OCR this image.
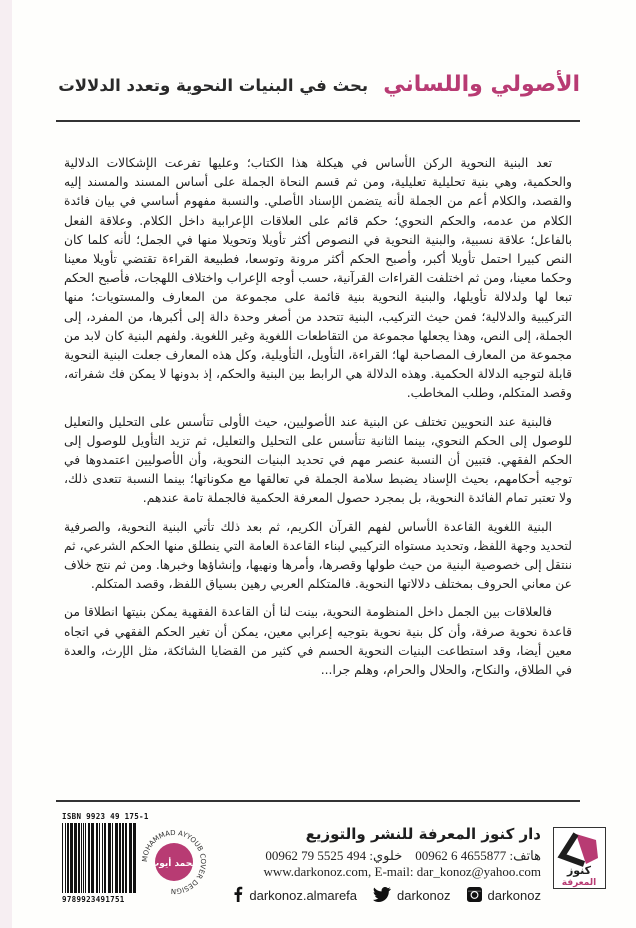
الأصولي واللساني بحث في البنيات النحوية وتعدد الدلالات

تعد البنية النحوية الركن الأساس في هيكلة هذا الكتاب؛ وعليها تفرعت الإشكالات الدلالية والحكمية، وهي بنية تحليلية تعليلية، ومن ثم قسم النحاة الجملة على أساس المسند والمسند إليه والقصد، والكلام أعم من الجملة لأنه يتضمن الإسناد الأصلي. والنسبة مفهوم أساسي في بيان فائدة الكلام من عدمه، والحكم النحوي؛ حكم قائم على العلاقات الإعرابية داخل الكلام. وعلاقة الفعل بالفاعل؛ علاقة نسبية، والبنية النحوية في النصوص أكثر تأويلا وتحويلا منها في الجمل؛ لأنه كلما كان النص كبيرا احتمل تأويلا أكبر، وأصبح الحكم أكثر مرونة وتوسعا، فطبيعة القراءة تقتضي تأويلا معينا وحكما معينا، ومن ثم اختلفت القراءات القرآنية، حسب أوجه الإعراب واختلاف اللهجات، فأصبح الحكم تبعا لها ولدلالة تأويلها، والبنية النحوية بنية قائمة على مجموعة من المعارف والمستويات؛ منها التركيبية والدلالية؛ فمن حيث التركيب، البنية تتحدد من أصغر وحدة دالة إلى أكبرها، من المفرد، إلى الجملة، إلى النص، وهذا يجعلها مجموعة من التقاطعات اللغوية وغير اللغوية. ولفهم البنية كان لابد من مجموعة من المعارف المصاحبة لها؛ القراءة، التأويل، التأويلية، وكل هذه المعارف جعلت البنية النحوية قابلة لتوجيه الدلالة الحكمية. وهذه الدلالة هي الرابط بين البنية والحكم، إذ بدونها لا يمكن فك شفراته، وقصد المتكلم، وطلب المخاطب.

فالبنية عند النحويين تختلف عن البنية عند الأصوليين، حيث الأولى تتأسس على التحليل والتعليل للوصول إلى الحكم النحوي، بينما الثانية تتأسس على التحليل والتعليل، ثم تزيد التأويل للوصول إلى الحكم الفقهي. فتبين أن النسبة عنصر مهم في تحديد البنيات النحوية، وأن الأصوليين اعتمدوها في توجيه أحكامهم، بحيث الإسناد يضبط سلامة الجملة في تعالقها مع مكوناتها؛ بينما النسبة تتعدى ذلك، ولا تعتبر تمام الفائدة النحوية، بل بمجرد حصول المعرفة الحكمية فالجملة تامة عندهم.

البنية اللغوية القاعدة الأساس لفهم القرآن الكريم، ثم بعد ذلك تأتي البنية النحوية، والصرفية لتحديد وجهة اللفظ، وتحديد مستواه التركيبي لبناء القاعدة العامة التي ينطلق منها الحكم الشرعي، ثم ننتقل إلى خصوصية البنية من حيث طولها وقصرها، وأمرها ونهيها، وإنشاؤها وخبرها. ومن ثم نتج خلاف عن معاني الحروف بمختلف دلالاتها النحوية. فالمتكلم العربي رهين بسياق اللفظ، وقصد المتكلم.

فالعلاقات بين الجمل داخل المنظومة النحوية، بينت لنا أن القاعدة الفقهية يمكن بنيتها انطلاقا من قاعدة نحوية صرفة، وأن كل بنية نحوية بتوجيه إعرابي معين، يمكن أن تغير الحكم الفقهي في اتجاه معين أيضا، وقد استطاعت البنيات النحوية الحسم في كثير من القضايا الشائكة، مثل الإرث، والعدة في الطلاق، والنكاح، والحلال والحرام، وهلم جرا...

ISBN 9923 49 175-1
9789923491751
MOHAMMAD AYYOUB COVER DESIGN
محمد أيوب
دار كنوز المعرفة للنشر والتوزيع
هاتف: 00962 6 4655877    خلوي: 00962 79 5525 494
www.darkonoz.com, E-mail: dar_konoz@yahoo.com
darkonoz.almarefa	darkonoz	darkonoz
كنوز
المعرفة
